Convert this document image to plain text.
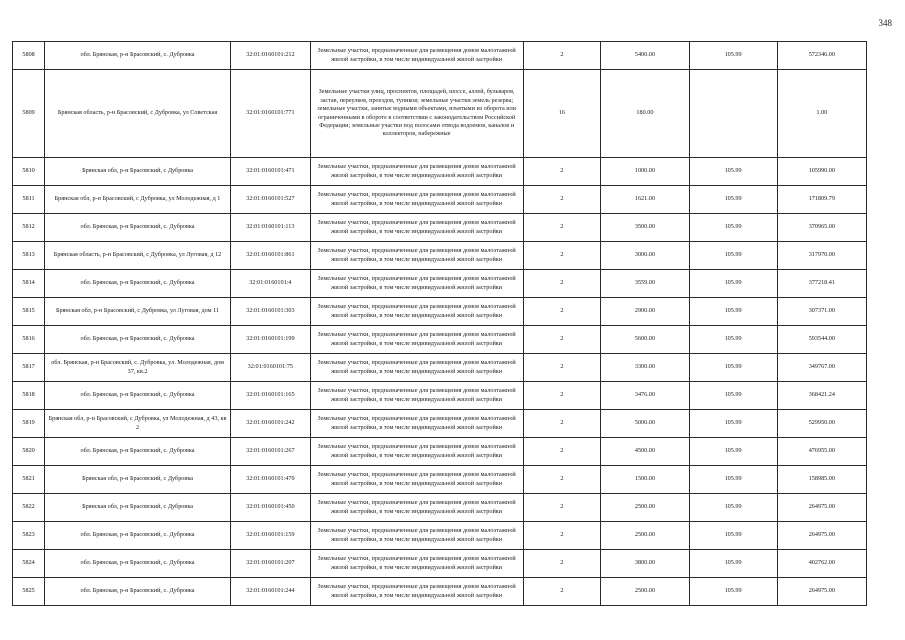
348
5808	обл. Брянская, р-н Брасовский, с. Дубровка	32:01:0160101:212	Земельные участки, предназначенные для размещения домов малоэтажной жилой застройки, в том числе индивидуальной жилой застройки	2	5400.00	105.99	572346.00
5809	Брянская область, р-н Брасовский, с Дубровка, ул Советская	32:01:0160101:771	Земельные участки улиц, проспектов, площадей, шоссе, аллей, бульваров, застав, переулков, проездов, тупиков; земельные участки земель резерва; земельные участки, занятые водными объектами, изъятыми из оборота или ограниченными в обороте в соответствии с законодательством Российской Федерации; земельные участки под полосами отвода водоемов, каналов и коллекторов, набережные	16	180.00		1.00
5810	Брянская обл, р-н Брасовский, с Дубровка	32:01:0160101:471	Земельные участки, предназначенные для размещения домов малоэтажной жилой застройки, в том числе индивидуальной жилой застройки	2	1000.00	105.99	105990.00
5811	Брянская обл, р-н Брасовский, с Дубровка, ул Молодежная, д 1	32:01:0160101:527	Земельные участки, предназначенные для размещения домов малоэтажной жилой застройки, в том числе индивидуальной жилой застройки	2	1621.00	105.99	171809.79
5812	обл. Брянская, р-н Брасовский, с. Дубровка	32:01:0160101:113	Земельные участки, предназначенные для размещения домов малоэтажной жилой застройки, в том числе индивидуальной жилой застройки	2	3500.00	105.99	370965.00
5813	Брянская область, р-н Брасовский, с Дубровка, ул Луговая, д 12	32:01:0160101:861	Земельные участки, предназначенные для размещения домов малоэтажной жилой застройки, в том числе индивидуальной жилой застройки	2	3000.00	105.99	317970.00
5814	обл. Брянская, р-н Брасовский, с. Дубровка	32:01:0160101:4	Земельные участки, предназначенные для размещения домов малоэтажной жилой застройки, в том числе индивидуальной жилой застройки	2	3559.00	105.99	377218.41
5815	Брянская обл, р-н Брасовский, с Дубровка, ул Луговая, дом 11	32:01:0160101:303	Земельные участки, предназначенные для размещения домов малоэтажной жилой застройки, в том числе индивидуальной жилой застройки	2	2900.00	105.99	307371.00
5816	обл. Брянская, р-н Брасовский, с. Дубровка	32:01:0160101:199	Земельные участки, предназначенные для размещения домов малоэтажной жилой застройки, в том числе индивидуальной жилой застройки	2	5600.00	105.99	593544.00
5817	обл. Брянская, р-н Брасовский, с. Дубровка, ул. Молодежная, дом 37, кв.2	32:01:0160101:75	Земельные участки, предназначенные для размещения домов малоэтажной жилой застройки, в том числе индивидуальной жилой застройки	2	3300.00	105.99	349767.00
5818	обл. Брянская, р-н Брасовский, с. Дубровка	32:01:0160101:165	Земельные участки, предназначенные для размещения домов малоэтажной жилой застройки, в том числе индивидуальной жилой застройки	2	3476.00	105.99	368421.24
5819	Брянская обл, р-н Брасовский, с Дубровка, ул Молодежная, д 43, кв 2	32:01:0160101:242	Земельные участки, предназначенные для размещения домов малоэтажной жилой застройки, в том числе индивидуальной жилой застройки	2	5000.00	105.99	529950.00
5820	обл. Брянская, р-н Брасовский, с. Дубровка	32:01:0160101:267	Земельные участки, предназначенные для размещения домов малоэтажной жилой застройки, в том числе индивидуальной жилой застройки	2	4500.00	105.99	476955.00
5821	Брянская обл, р-н Брасовский, с Дубровка	32:01:0160101:470	Земельные участки, предназначенные для размещения домов малоэтажной жилой застройки, в том числе индивидуальной жилой застройки	2	1500.00	105.99	158985.00
5822	Брянская обл, р-н Брасовский, с Дубровка	32:01:0160101:450	Земельные участки, предназначенные для размещения домов малоэтажной жилой застройки, в том числе индивидуальной жилой застройки	2	2500.00	105.99	264975.00
5823	обл. Брянская, р-н Брасовский, с. Дубровка	32:01:0160101:159	Земельные участки, предназначенные для размещения домов малоэтажной жилой застройки, в том числе индивидуальной жилой застройки	2	2500.00	105.99	264975.00
5824	обл. Брянская, р-н Брасовский, с. Дубровка	32:01:0160101:207	Земельные участки, предназначенные для размещения домов малоэтажной жилой застройки, в том числе индивидуальной жилой застройки	2	3800.00	105.99	402762.00
5825	обл. Брянская, р-н Брасовский, с. Дубровка	32:01:0160101:244	Земельные участки, предназначенные для размещения домов малоэтажной жилой застройки, в том числе индивидуальной жилой застройки	2	2500.00	105.99	264975.00
